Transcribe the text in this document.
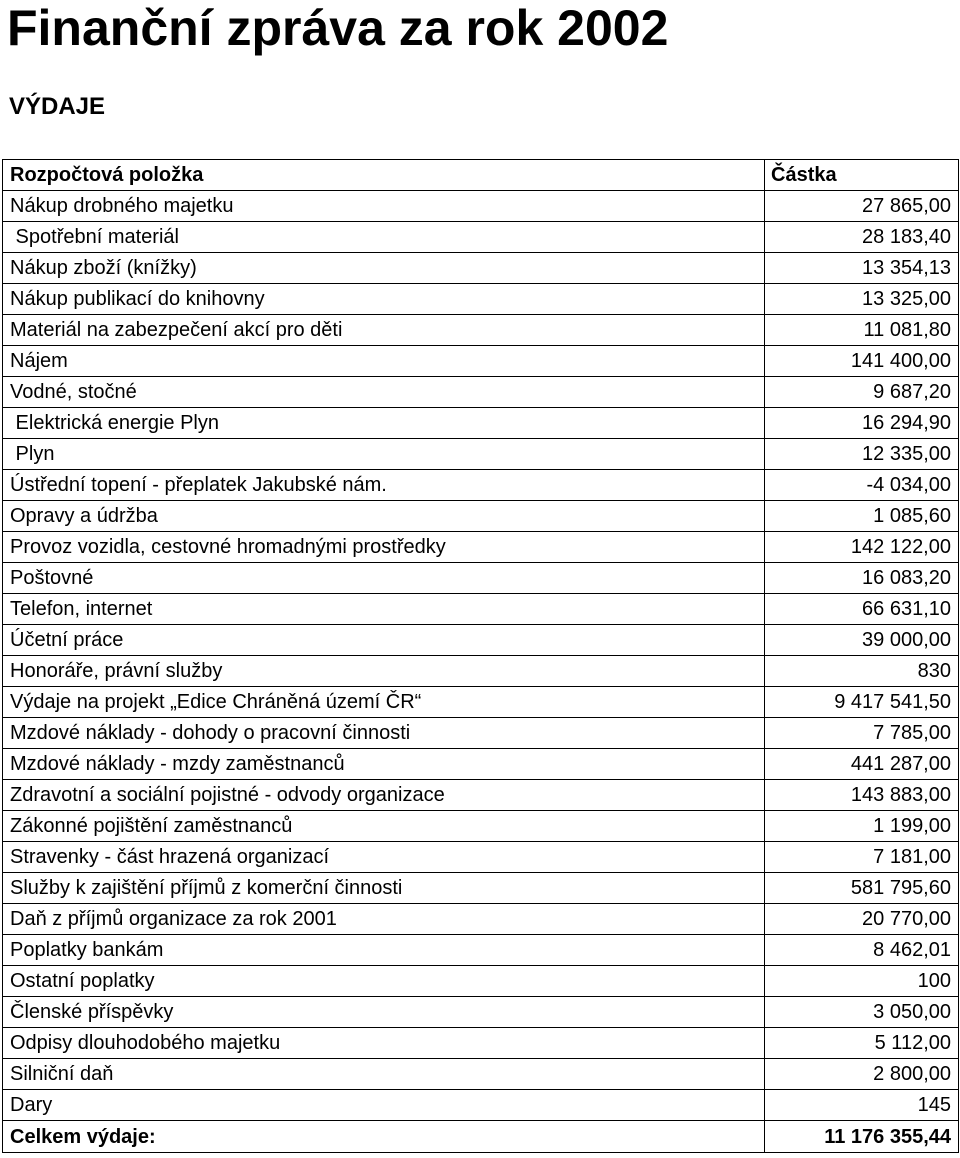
Finanční zpráva za rok 2002
VÝDAJE
Rozpočtová položka	Částka
Nákup drobného majetku	27 865,00
Spotřební materiál	28 183,40
Nákup zboží (knížky)	13 354,13
Nákup publikací do knihovny	13 325,00
Materiál na zabezpečení akcí pro děti	11 081,80
Nájem	141 400,00
Vodné, stočné	9 687,20
Elektrická energie Plyn	16 294,90
Plyn	12 335,00
Ústřední topení - přeplatek Jakubské nám.	-4 034,00
Opravy a údržba	1 085,60
Provoz vozidla, cestovné hromadnými prostředky	142 122,00
Poštovné	16 083,20
Telefon, internet	66 631,10
Účetní práce	39 000,00
Honoráře, právní služby	830
Výdaje na projekt „Edice Chráněná území ČR“	9 417 541,50
Mzdové náklady - dohody o pracovní činnosti	7 785,00
Mzdové náklady - mzdy zaměstnanců	441 287,00
Zdravotní a sociální pojistné - odvody organizace	143 883,00
Zákonné pojištění zaměstnanců	1 199,00
Stravenky - část hrazená organizací	7 181,00
Služby k zajištění příjmů z komerční činnosti	581 795,60
Daň z příjmů organizace za rok 2001	20 770,00
Poplatky bankám	8 462,01
Ostatní poplatky	100
Členské příspěvky	3 050,00
Odpisy dlouhodobého majetku	5 112,00
Silniční daň	2 800,00
Dary	145
Celkem výdaje:	11 176 355,44
